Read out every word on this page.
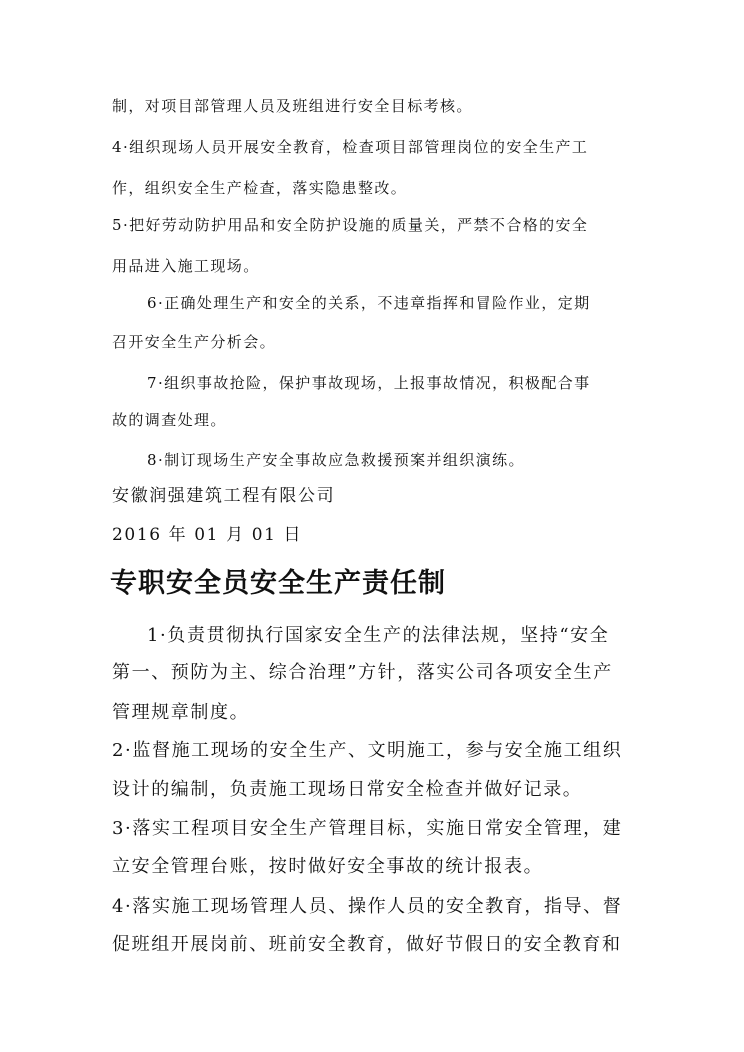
制，对项目部管理人员及班组进行安全目标考核。
4·组织现场人员开展安全教育，检查项目部管理岗位的安全生产工
作，组织安全生产检查，落实隐患整改。
5·把好劳动防护用品和安全防护设施的质量关，严禁不合格的安全
用品进入施工现场。
6·正确处理生产和安全的关系，不违章指挥和冒险作业，定期
召开安全生产分析会。
7·组织事故抢险，保护事故现场，上报事故情况，积极配合事
故的调查处理。
8·制订现场生产安全事故应急救援预案并组织演练。
安徽润强建筑工程有限公司
2016 年 01 月 01 日
专职安全员安全生产责任制
1·负责贯彻执行国家安全生产的法律法规，坚持“安全
第一、预防为主、综合治理”方针，落实公司各项安全生产
管理规章制度。
2·监督施工现场的安全生产、文明施工，参与安全施工组织
设计的编制，负责施工现场日常安全检查并做好记录。
3·落实工程项目安全生产管理目标，实施日常安全管理，建
立安全管理台账，按时做好安全事故的统计报表。
4·落实施工现场管理人员、操作人员的安全教育，指导、督
促班组开展岗前、班前安全教育，做好节假日的安全教育和
